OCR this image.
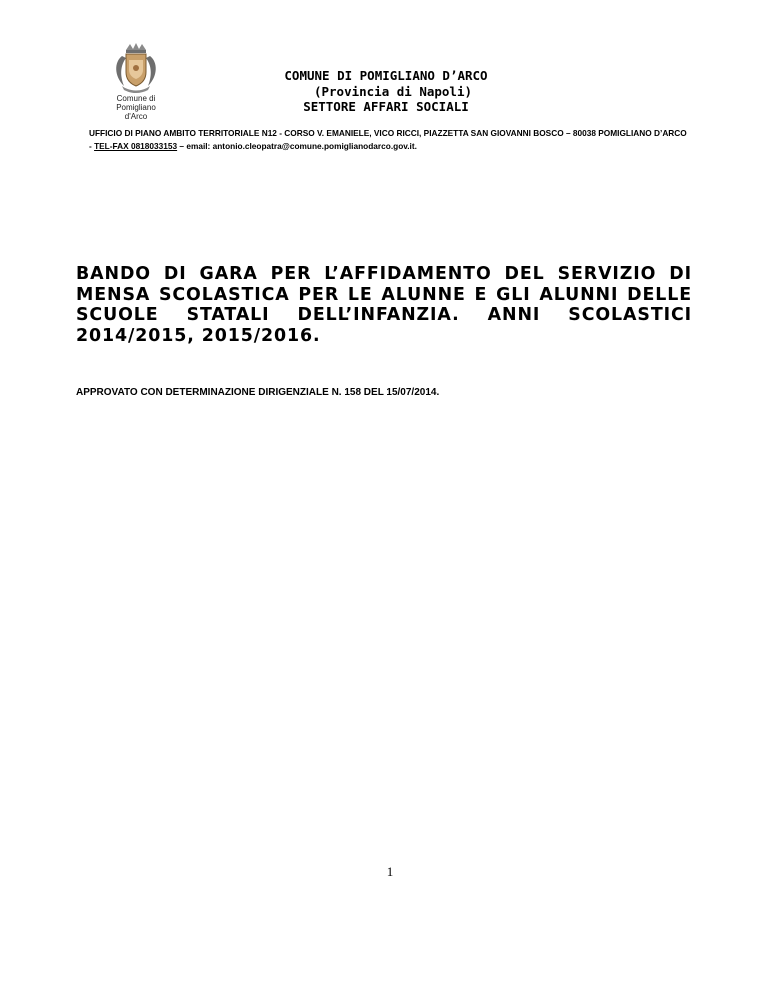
Comune di
Pomigliano d'Arco
COMUNE DI POMIGLIANO D’ARCO
(Provincia di Napoli)
SETTORE AFFARI SOCIALI
UFFICIO DI PIANO AMBITO TERRITORIALE N12 - CORSO V. EMANIELE, VICO RICCI, PIAZZETTA SAN GIOVANNI BOSCO – 80038 POMIGLIANO D’ARCO
- TEL-FAX 0818033153 – email: antonio.cleopatra@comune.pomiglianodarco.gov.it.
BANDO DI GARA PER L’AFFIDAMENTO DEL SERVIZIO DI
MENSA SCOLASTICA PER LE ALUNNE E GLI ALUNNI DELLE
SCUOLE STATALI DELL’INFANZIA. ANNI SCOLASTICI
2014/2015, 2015/2016.
APPROVATO CON DETERMINAZIONE DIRIGENZIALE N. 158 DEL 15/07/2014.
1
